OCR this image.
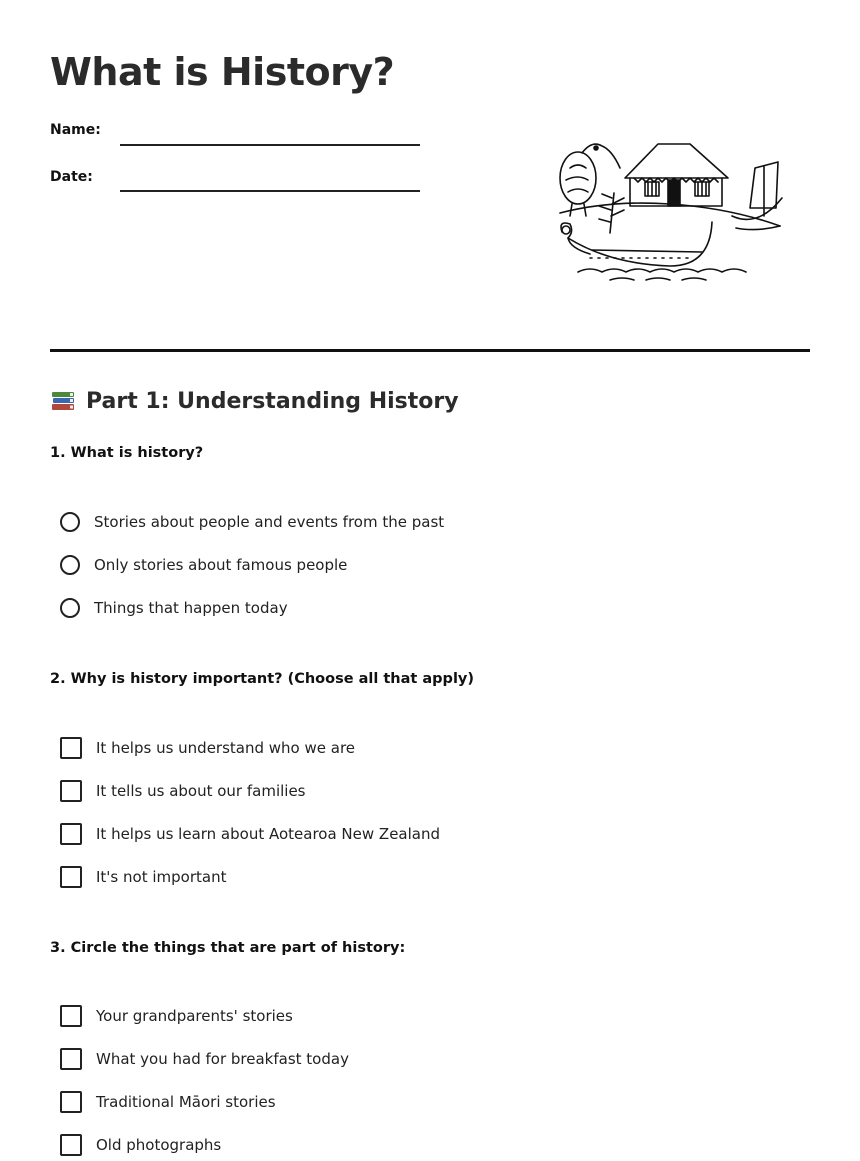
What is History?
Name:
Date:
Part 1: Understanding History

1. What is history?

Stories about people and events from the past
Only stories about famous people
Things that happen today

2. Why is history important? (Choose all that apply)

It helps us understand who we are
It tells us about our families
It helps us learn about Aotearoa New Zealand
It's not important

3. Circle the things that are part of history:

Your grandparents' stories
What you had for breakfast today
Traditional Māori stories
Old photographs
